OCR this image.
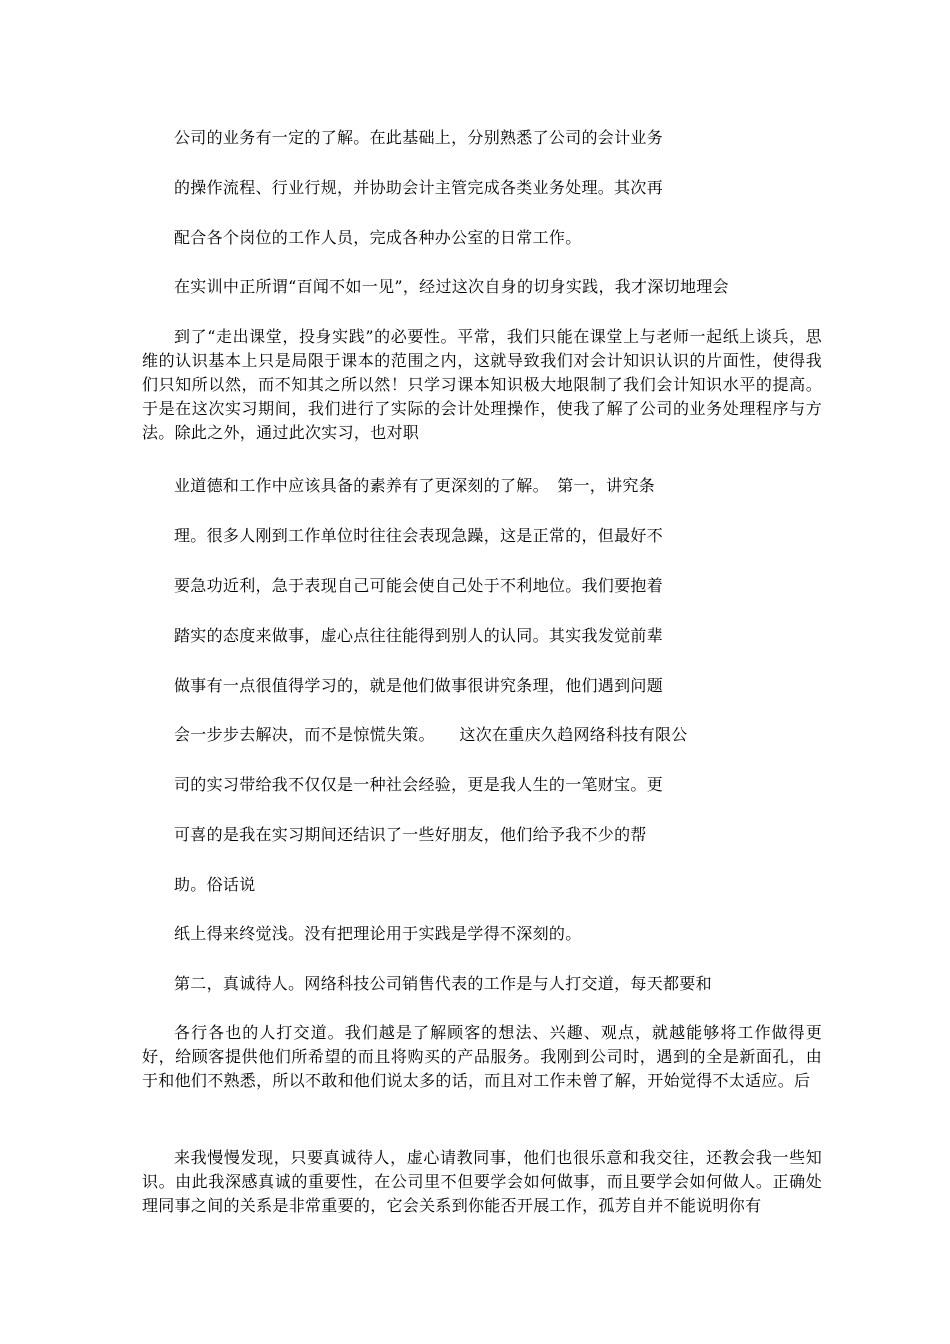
公司的业务有一定的了解。在此基础上，分别熟悉了公司的会计业务
的操作流程、行业行规，并协助会计主管完成各类业务处理。其次再
配合各个岗位的工作人员，完成各种办公室的日常工作。
在实训中正所谓“百闻不如一见”，经过这次自身的切身实践，我才深切地理会

到了“走出课堂，投身实践”的必要性。平常，我们只能在课堂上与老师一起纸上谈兵，思维的认识基本上只是局限于课本的范围之内，这就导致我们对会计知识认识的片面性，使得我们只知所以然，而不知其之所以然！只学习课本知识极大地限制了我们会计知识水平的提高。于是在这次实习期间，我们进行了实际的会计处理操作，使我了解了公司的业务处理程序与方法。除此之外，通过此次实习，也对职

业道德和工作中应该具备的素养有了更深刻的了解。　第一，讲究条
理。很多人刚到工作单位时往往会表现急躁，这是正常的，但最好不
要急功近利，急于表现自己可能会使自己处于不利地位。我们要抱着
踏实的态度来做事，虚心点往往能得到别人的认同。其实我发觉前辈
做事有一点很值得学习的，就是他们做事很讲究条理，他们遇到问题
会一步步去解决，而不是惊慌失策。　　这次在重庆久趋网络科技有限公
司的实习带给我不仅仅是一种社会经验，更是我人生的一笔财宝。更
可喜的是我在实习期间还结识了一些好朋友，他们给予我不少的帮
助。俗话说
纸上得来终觉浅。没有把理论用于实践是学得不深刻的。
第二，真诚待人。网络科技公司销售代表的工作是与人打交道，每天都要和

各行各也的人打交道。我们越是了解顾客的想法、兴趣、观点，就越能够将工作做得更好，给顾客提供他们所希望的而且将购买的产品服务。我刚到公司时，遇到的全是新面孔，由于和他们不熟悉，所以不敢和他们说太多的话，而且对工作未曾了解，开始觉得不太适应。后

来我慢慢发现，只要真诚待人，虚心请教同事，他们也很乐意和我交往，还教会我一些知识。由此我深感真诚的重要性，在公司里不但要学会如何做事，而且要学会如何做人。正确处理同事之间的关系是非常重要的，它会关系到你能否开展工作，孤芳自并不能说明你有
